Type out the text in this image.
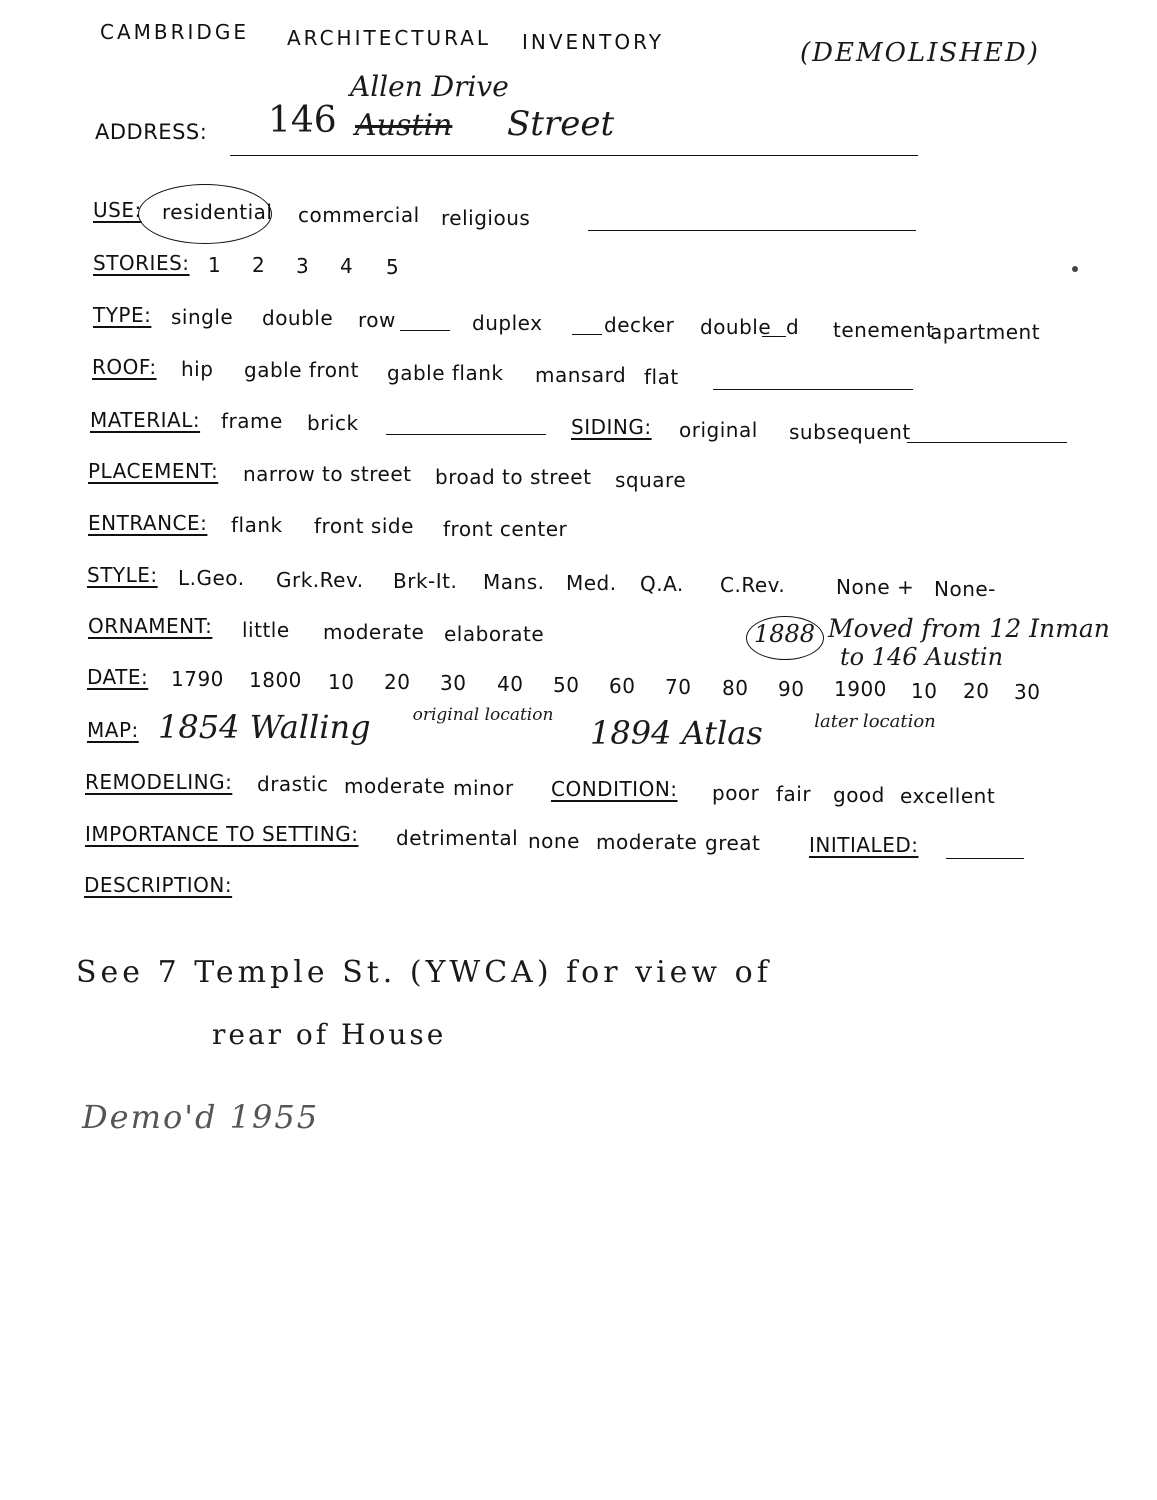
CAMBRIDGE ARCHITECTURAL INVENTORY	(DEMOLISHED)
ADDRESS: 146
Allen Drive
Austin Street
USE: residential commercial religious
STORIES: 1 2 3 4 5
TYPE: single double row	duplex	decker double d tenement
apartment
ROOF: hip gable front gable flank mansard flat
MATERIAL: frame brick	SIDING: original subsequent
PLACEMENT: narrow to street broad to street square
ENTRANCE: flank front side front center
STYLE: L.Geo. Grk.Rev. Brk-It. Mans. Med. Q.A. C.Rev.	None + None-
ORNAMENT: little moderate elaborate	1888 Moved from 12 Inman
to 146 Austin
DATE: 1790 1800 10 20 30 40 50 60 70 80 90 1900 10 20 30
MAP: 1854 Walling original location 1894 Atlas	later location
REMODELING: drastic moderate minor CONDITION: poor fair good excellent
IMPORTANCE TO SETTING: detrimental none moderate great INITIALED:
DESCRIPTION:
See 7 Temple St. (YWCA) for view of
rear of House
Demo'd 1955
